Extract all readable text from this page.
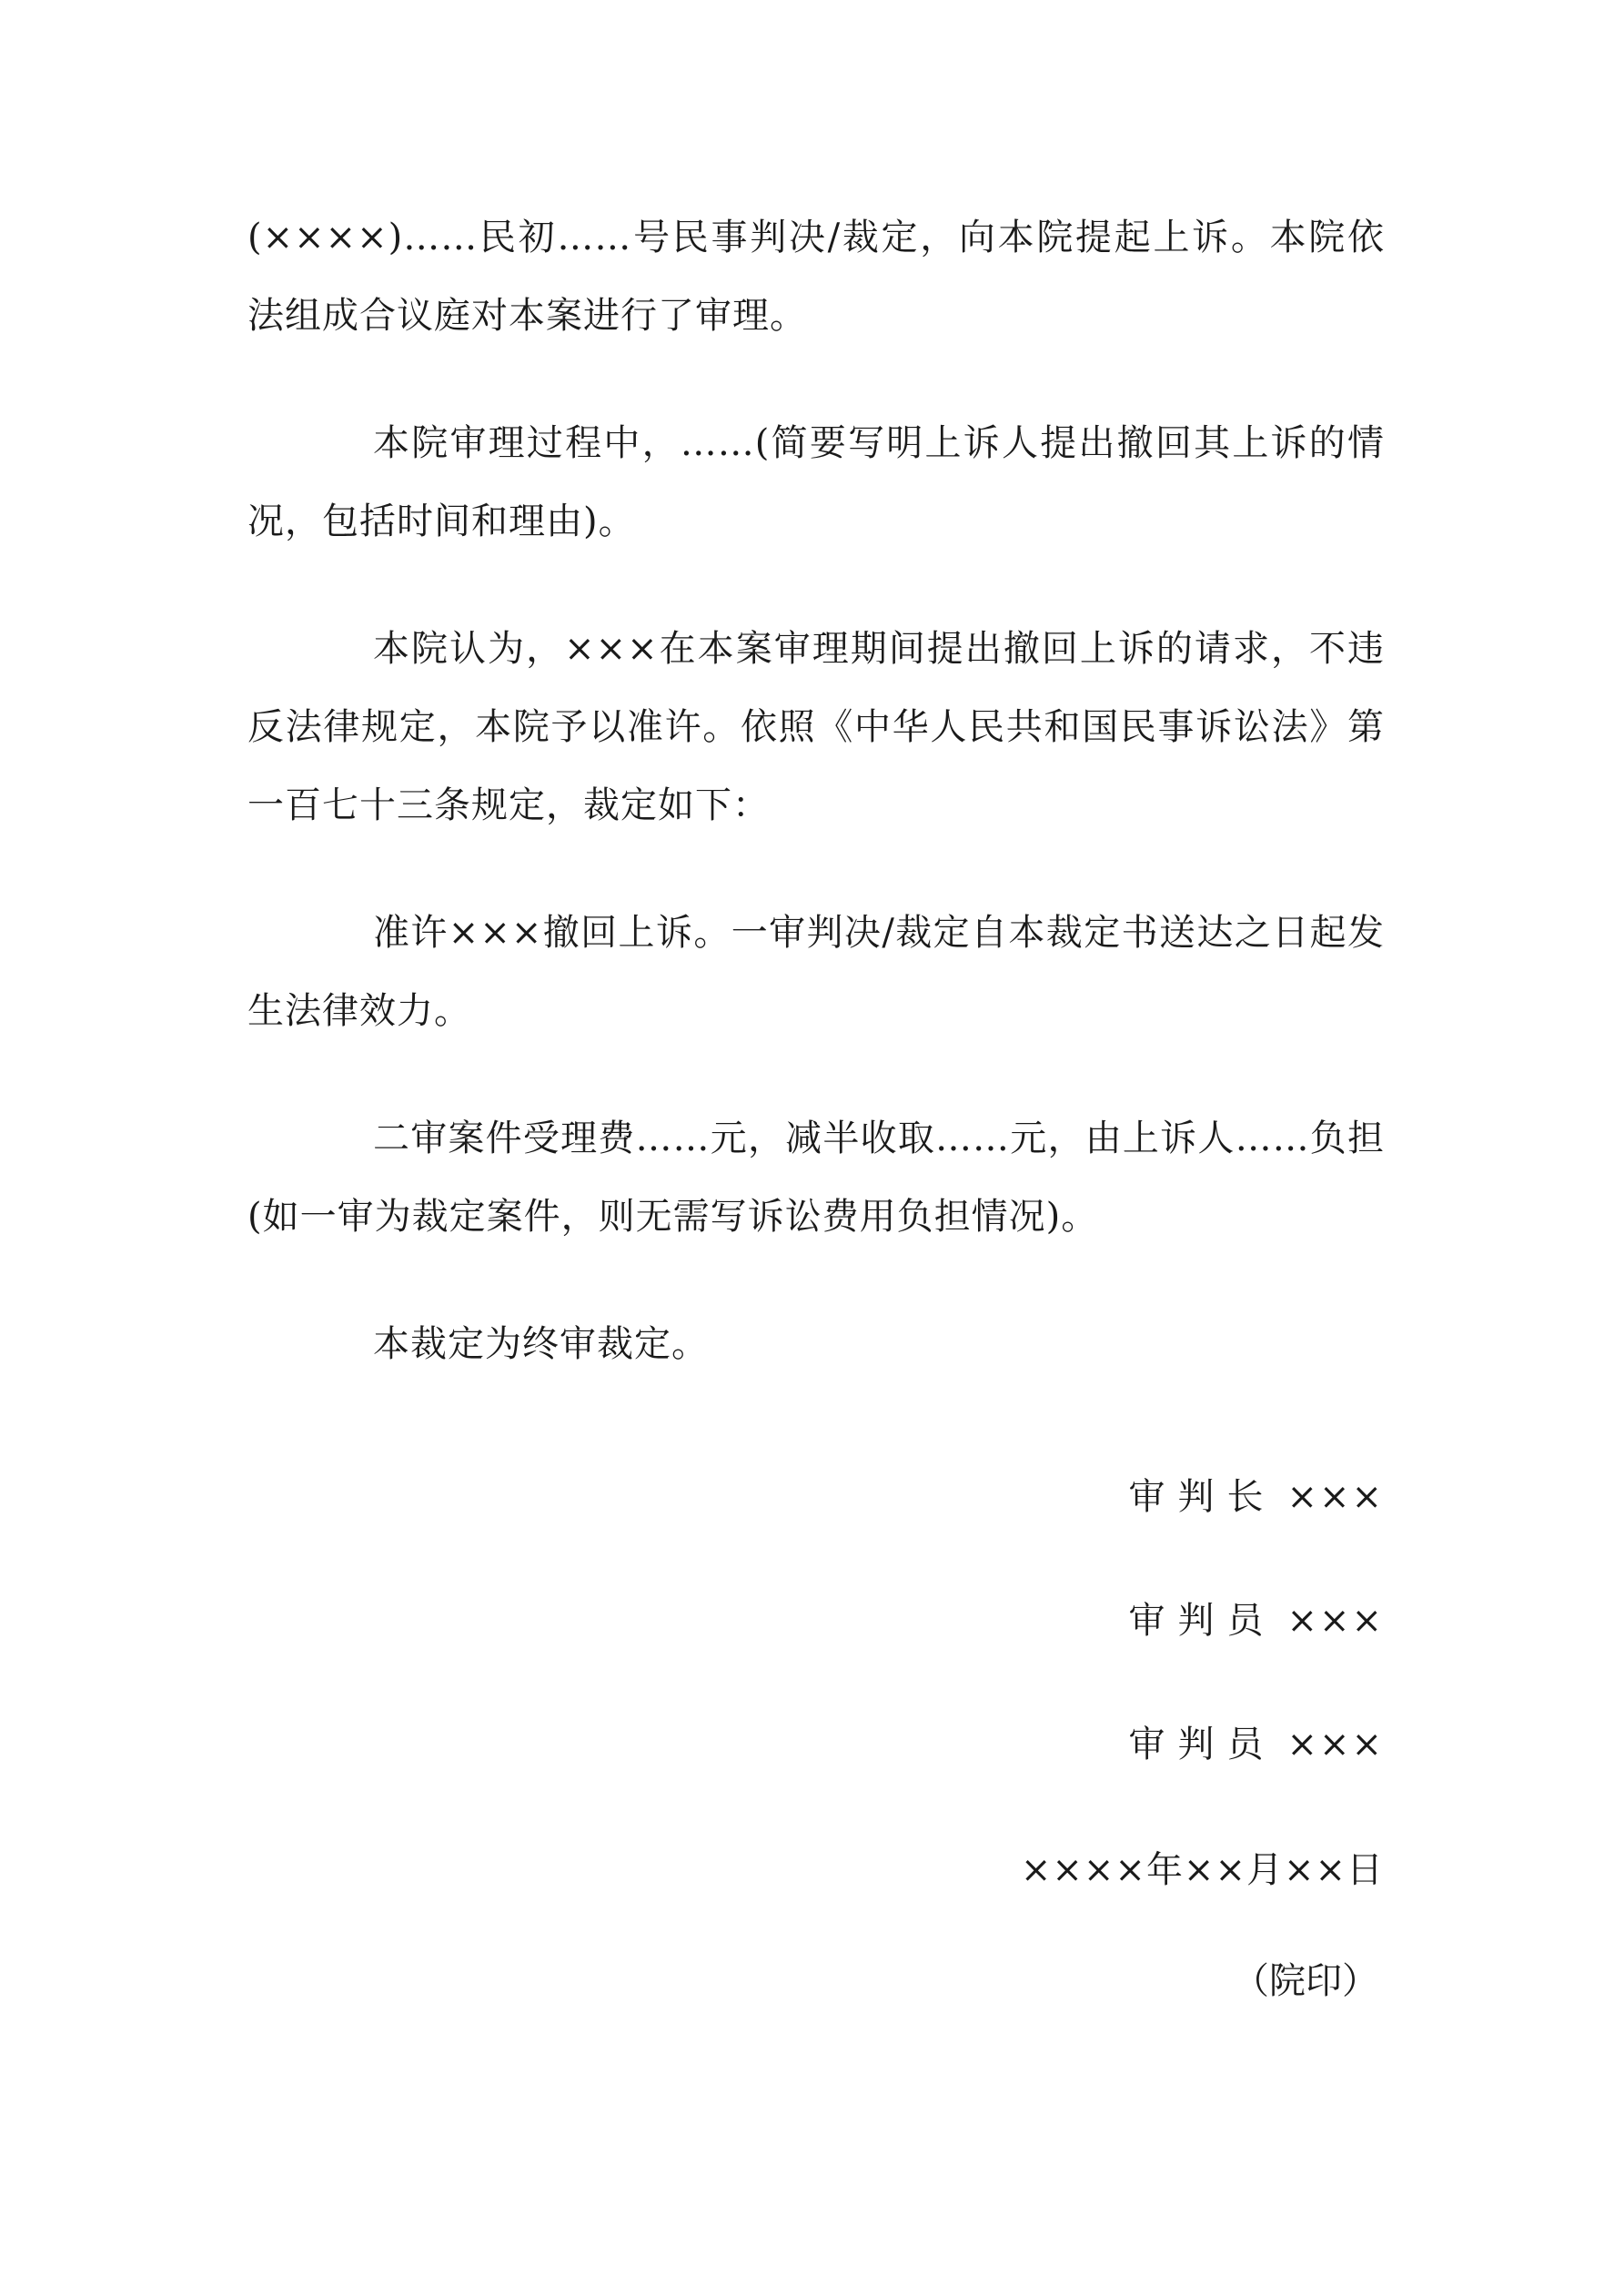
(××××)……民初……号民事判决/裁定，向本院提起上诉。本院依法组成合议庭对本案进行了审理。

本院审理过程中，……(简要写明上诉人提出撤回其上诉的情况，包括时间和理由)。

本院认为，×××在本案审理期间提出撤回上诉的请求，不违反法律规定，本院予以准许。依照《中华人民共和国民事诉讼法》第一百七十三条规定，裁定如下：

准许×××撤回上诉。一审判决/裁定自本裁定书送达之日起发生法律效力。

二审案件受理费……元，减半收取……元，由上诉人……负担(如一审为裁定案件，则无需写诉讼费用负担情况)。

本裁定为终审裁定。

审判长 ×××
审判员 ×××
审判员 ×××
××××年××月××日
（院印）
